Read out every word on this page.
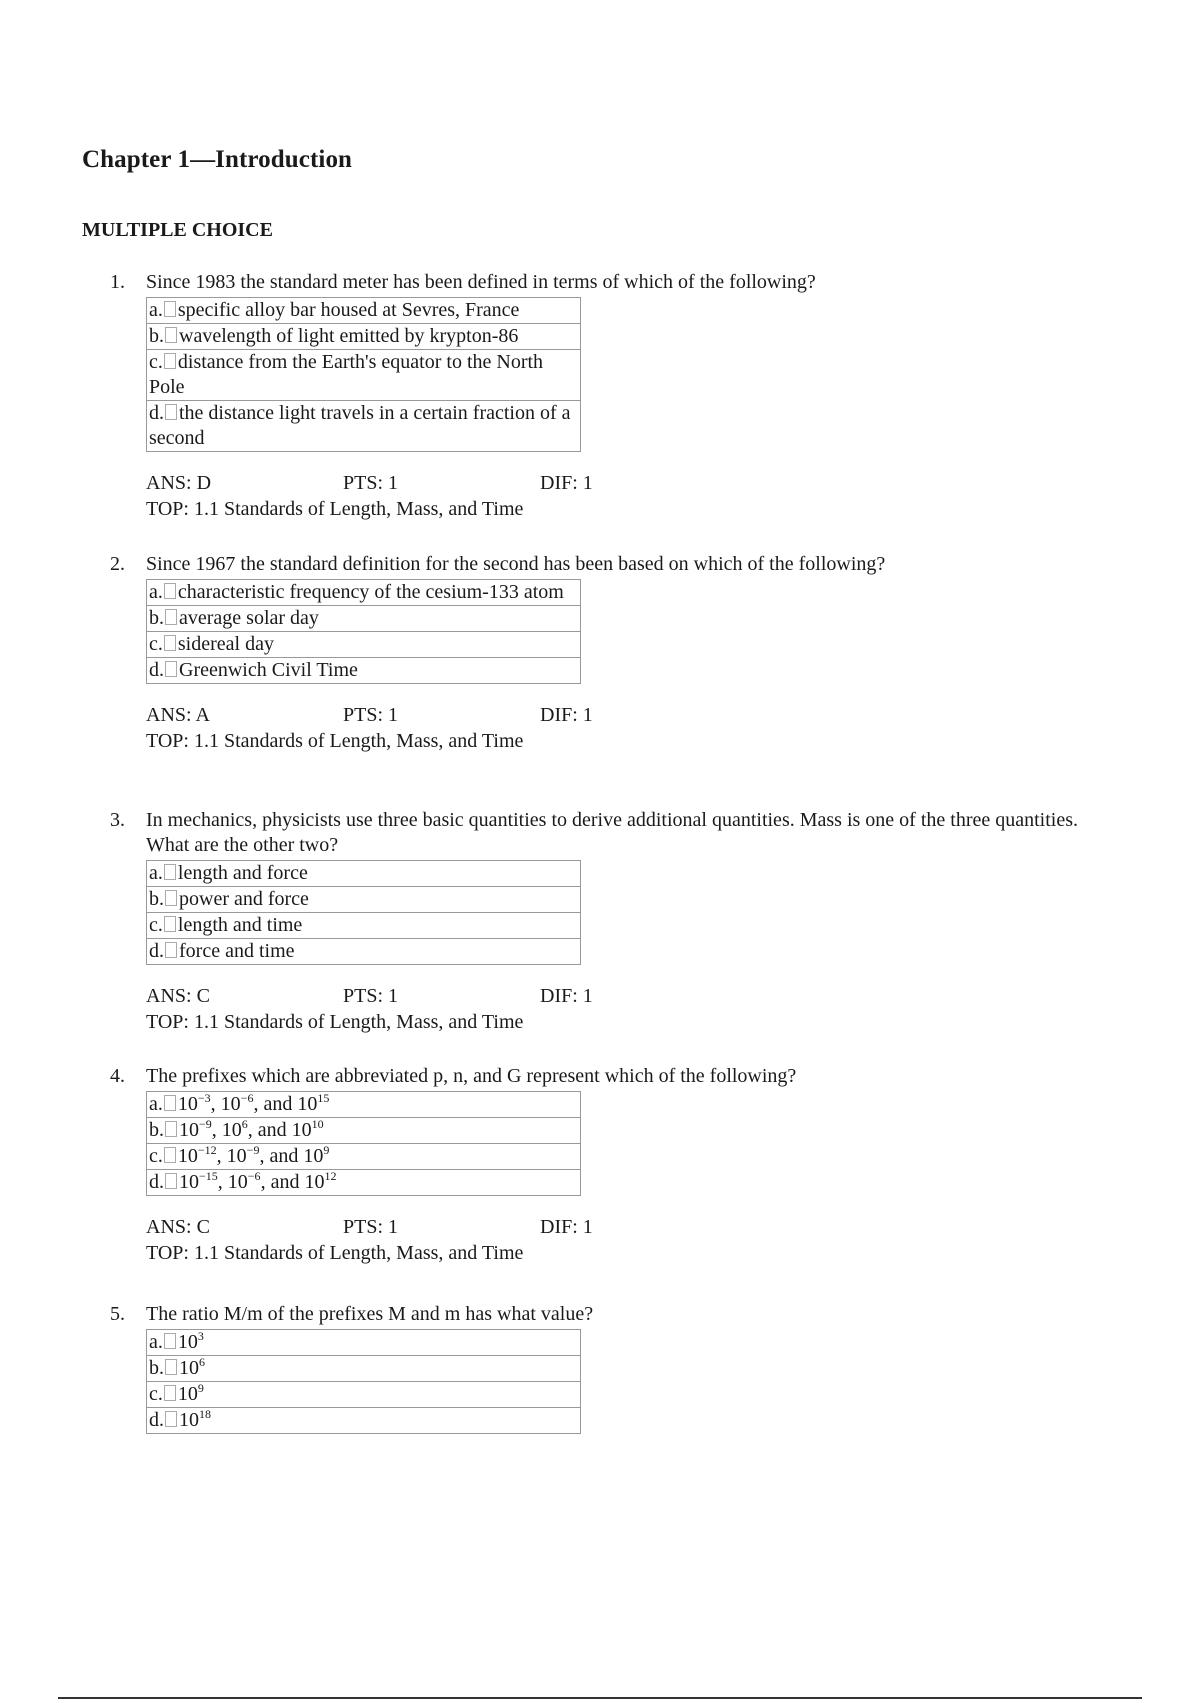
Chapter 1—Introduction
MULTIPLE CHOICE
1.	Since 1983 the standard meter has been defined in terms of which of the following?
a. specific alloy bar housed at Sevres, France
b. wavelength of light emitted by krypton-86
c. distance from the Earth's equator to the North Pole
d. the distance light travels in a certain fraction of a second
ANS: D	PTS: 1	DIF: 1
TOP: 1.1 Standards of Length, Mass, and Time
2.	Since 1967 the standard definition for the second has been based on which of the following?
a. characteristic frequency of the cesium-133 atom
b. average solar day
c. sidereal day
d. Greenwich Civil Time
ANS: A	PTS: 1	DIF: 1
TOP: 1.1 Standards of Length, Mass, and Time
3.	In mechanics, physicists use three basic quantities to derive additional quantities. Mass is one of the three quantities. What are the other two?
a. length and force
b. power and force
c. length and time
d. force and time
ANS: C	PTS: 1	DIF: 1
TOP: 1.1 Standards of Length, Mass, and Time
4.	The prefixes which are abbreviated p, n, and G represent which of the following?
a. $10^{-3}$, $10^{-6}$, and $10^{15}$
b. $10^{-9}$, $10^6$, and $10^{10}$
c. $10^{-12}$, $10^{-9}$, and $10^9$
d. $10^{-15}$, $10^{-6}$, and $10^{12}$
ANS: C	PTS: 1	DIF: 1
TOP: 1.1 Standards of Length, Mass, and Time
5.	The ratio M/m of the prefixes M and m has what value?
a. $10^3$
b. $10^6$
c. $10^9$
d. $10^{18}$
